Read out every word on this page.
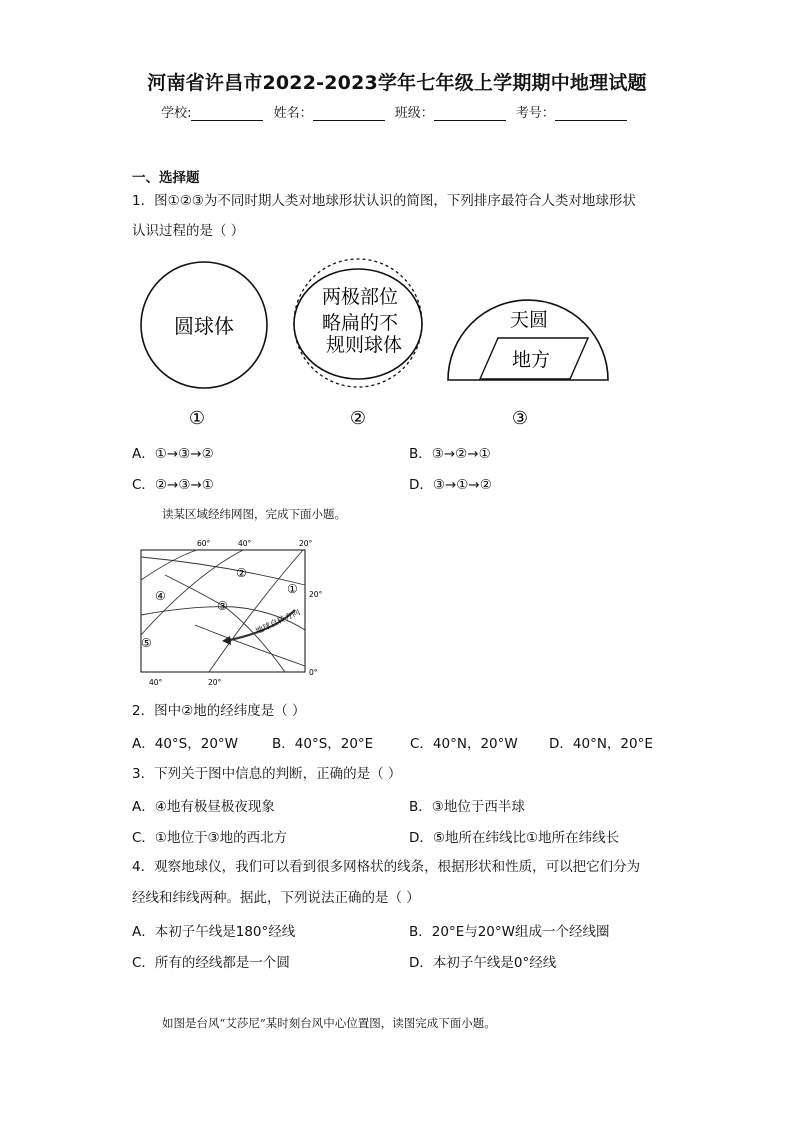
河南省许昌市2022-2023学年七年级上学期期中地理试题
学校:	姓名：	班级：	考号：
一、选择题
1．图①②③为不同时期人类对地球形状认识的简图，下列排序最符合人类对地球形状
认识过程的是（ ）
圆球体
两极部位
略扁的不
规则球体
天圆
地方
①	②	③
A．①→③→②	B．③→②→①
C．②→③→①	D．③→①→②
读某区域经纬网图，完成下面小题。
地球自转方向
60°	40°	20°
20°
0°
40°	20°
①
②
③
④
⑤
2．图中②地的经纬度是（ ）
A．40°S，20°W	B．40°S，20°E	C．40°N，20°W D．40°N，20°E
3．下列关于图中信息的判断，正确的是（ ）
A．④地有极昼极夜现象	B．③地位于西半球
C．①地位于③地的西北方	D．⑤地所在纬线比①地所在纬线长
4．观察地球仪，我们可以看到很多网格状的线条，根据形状和性质，可以把它们分为
经线和纬线两种。据此，下列说法正确的是（ ）
A．本初子午线是180°经线	B．20°E与20°W组成一个经线圈
C．所有的经线都是一个圆	D．本初子午线是0°经线
如图是台风“艾莎尼”某时刻台风中心位置图，读图完成下面小题。
